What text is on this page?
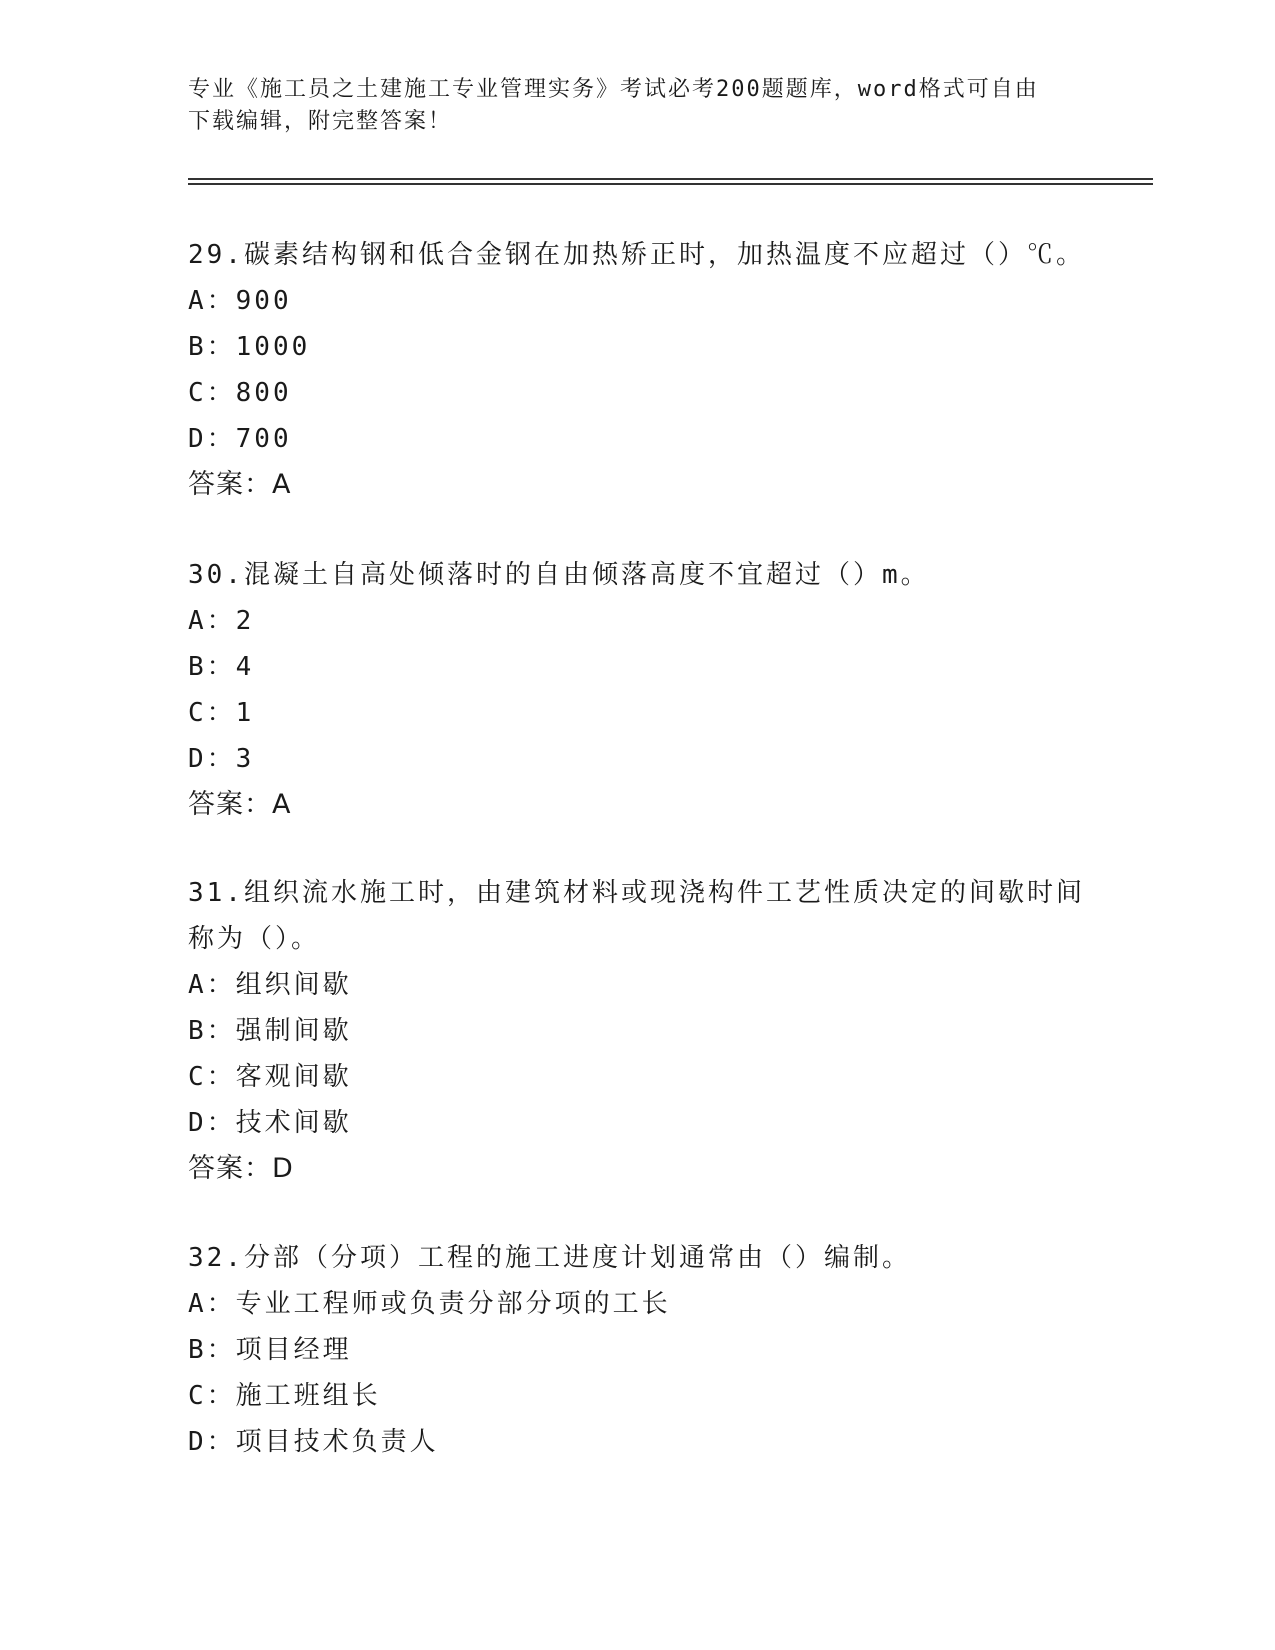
专业《施工员之土建施工专业管理实务》考试必考200题题库，word格式可自由
下载编辑，附完整答案！
29.碳素结构钢和低合金钢在加热矫正时，加热温度不应超过（）℃。
A：900
B：1000
C：800
D：700
答案：A
30.混凝土自高处倾落时的自由倾落高度不宜超过（）m。
A：2
B：4
C：1
D：3
答案：A
31.组织流水施工时，由建筑材料或现浇构件工艺性质决定的间歇时间称为（）。
A：组织间歇
B：强制间歇
C：客观间歇
D：技术间歇
答案：D
32.分部（分项）工程的施工进度计划通常由（）编制。
A：专业工程师或负责分部分项的工长
B：项目经理
C：施工班组长
D：项目技术负责人
